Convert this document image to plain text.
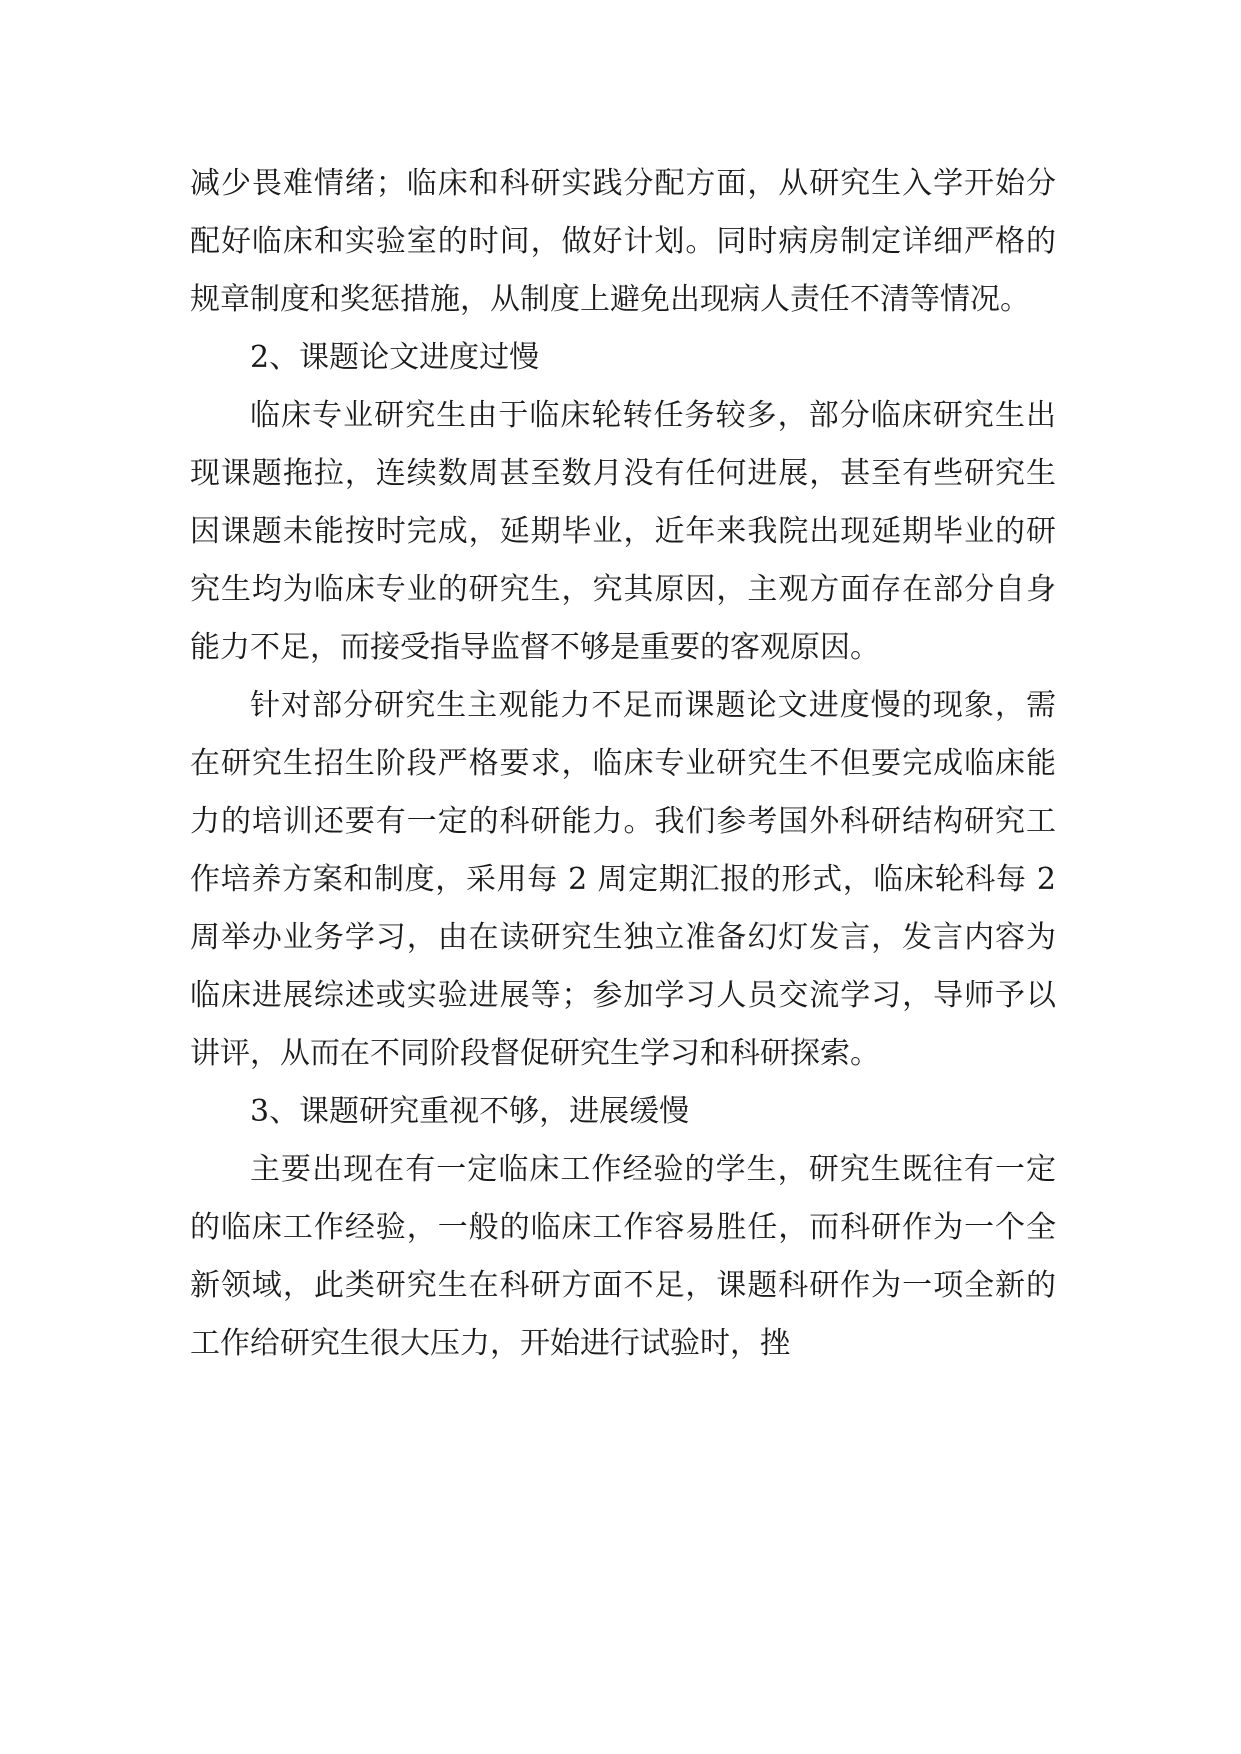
减少畏难情绪；临床和科研实践分配方面，从研究生入学开始分配好临床和实验室的时间，做好计划。同时病房制定详细严格的规章制度和奖惩措施，从制度上避免出现病人责任不清等情况。

2、课题论文进度过慢

临床专业研究生由于临床轮转任务较多，部分临床研究生出现课题拖拉，连续数周甚至数月没有任何进展，甚至有些研究生因课题未能按时完成，延期毕业，近年来我院出现延期毕业的研究生均为临床专业的研究生，究其原因，主观方面存在部分自身能力不足，而接受指导监督不够是重要的客观原因。

针对部分研究生主观能力不足而课题论文进度慢的现象，需在研究生招生阶段严格要求，临床专业研究生不但要完成临床能力的培训还要有一定的科研能力。我们参考国外科研结构研究工作培养方案和制度，采用每 2 周定期汇报的形式，临床轮科每 2 周举办业务学习，由在读研究生独立准备幻灯发言，发言内容为临床进展综述或实验进展等；参加学习人员交流学习，导师予以讲评，从而在不同阶段督促研究生学习和科研探索。

3、课题研究重视不够，进展缓慢

主要出现在有一定临床工作经验的学生，研究生既往有一定的临床工作经验，一般的临床工作容易胜任，而科研作为一个全新领域，此类研究生在科研方面不足，课题科研作为一项全新的工作给研究生很大压力，开始进行试验时，挫
